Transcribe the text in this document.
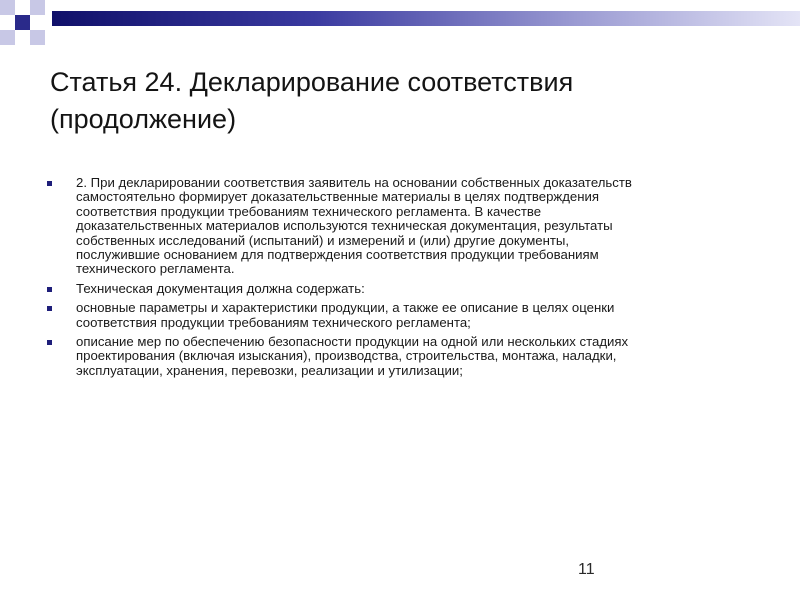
Статья 24. Декларирование соответствия
(продолжение)
2. При декларировании соответствия заявитель на основании собственных доказательств
самостоятельно формирует доказательственные материалы в целях подтверждения
соответствия продукции требованиям технического регламента. В качестве
доказательственных материалов используются техническая документация, результаты
собственных исследований (испытаний) и измерений и (или) другие документы,
послужившие основанием для подтверждения соответствия продукции требованиям
технического регламента.
Техническая документация должна содержать:
основные параметры и характеристики продукции, а также ее описание в целях оценки
соответствия продукции требованиям технического регламента;
описание мер по обеспечению безопасности продукции на одной или нескольких стадиях
проектирования (включая изыскания), производства, строительства, монтажа, наладки,
эксплуатации, хранения, перевозки, реализации и утилизации;
11
